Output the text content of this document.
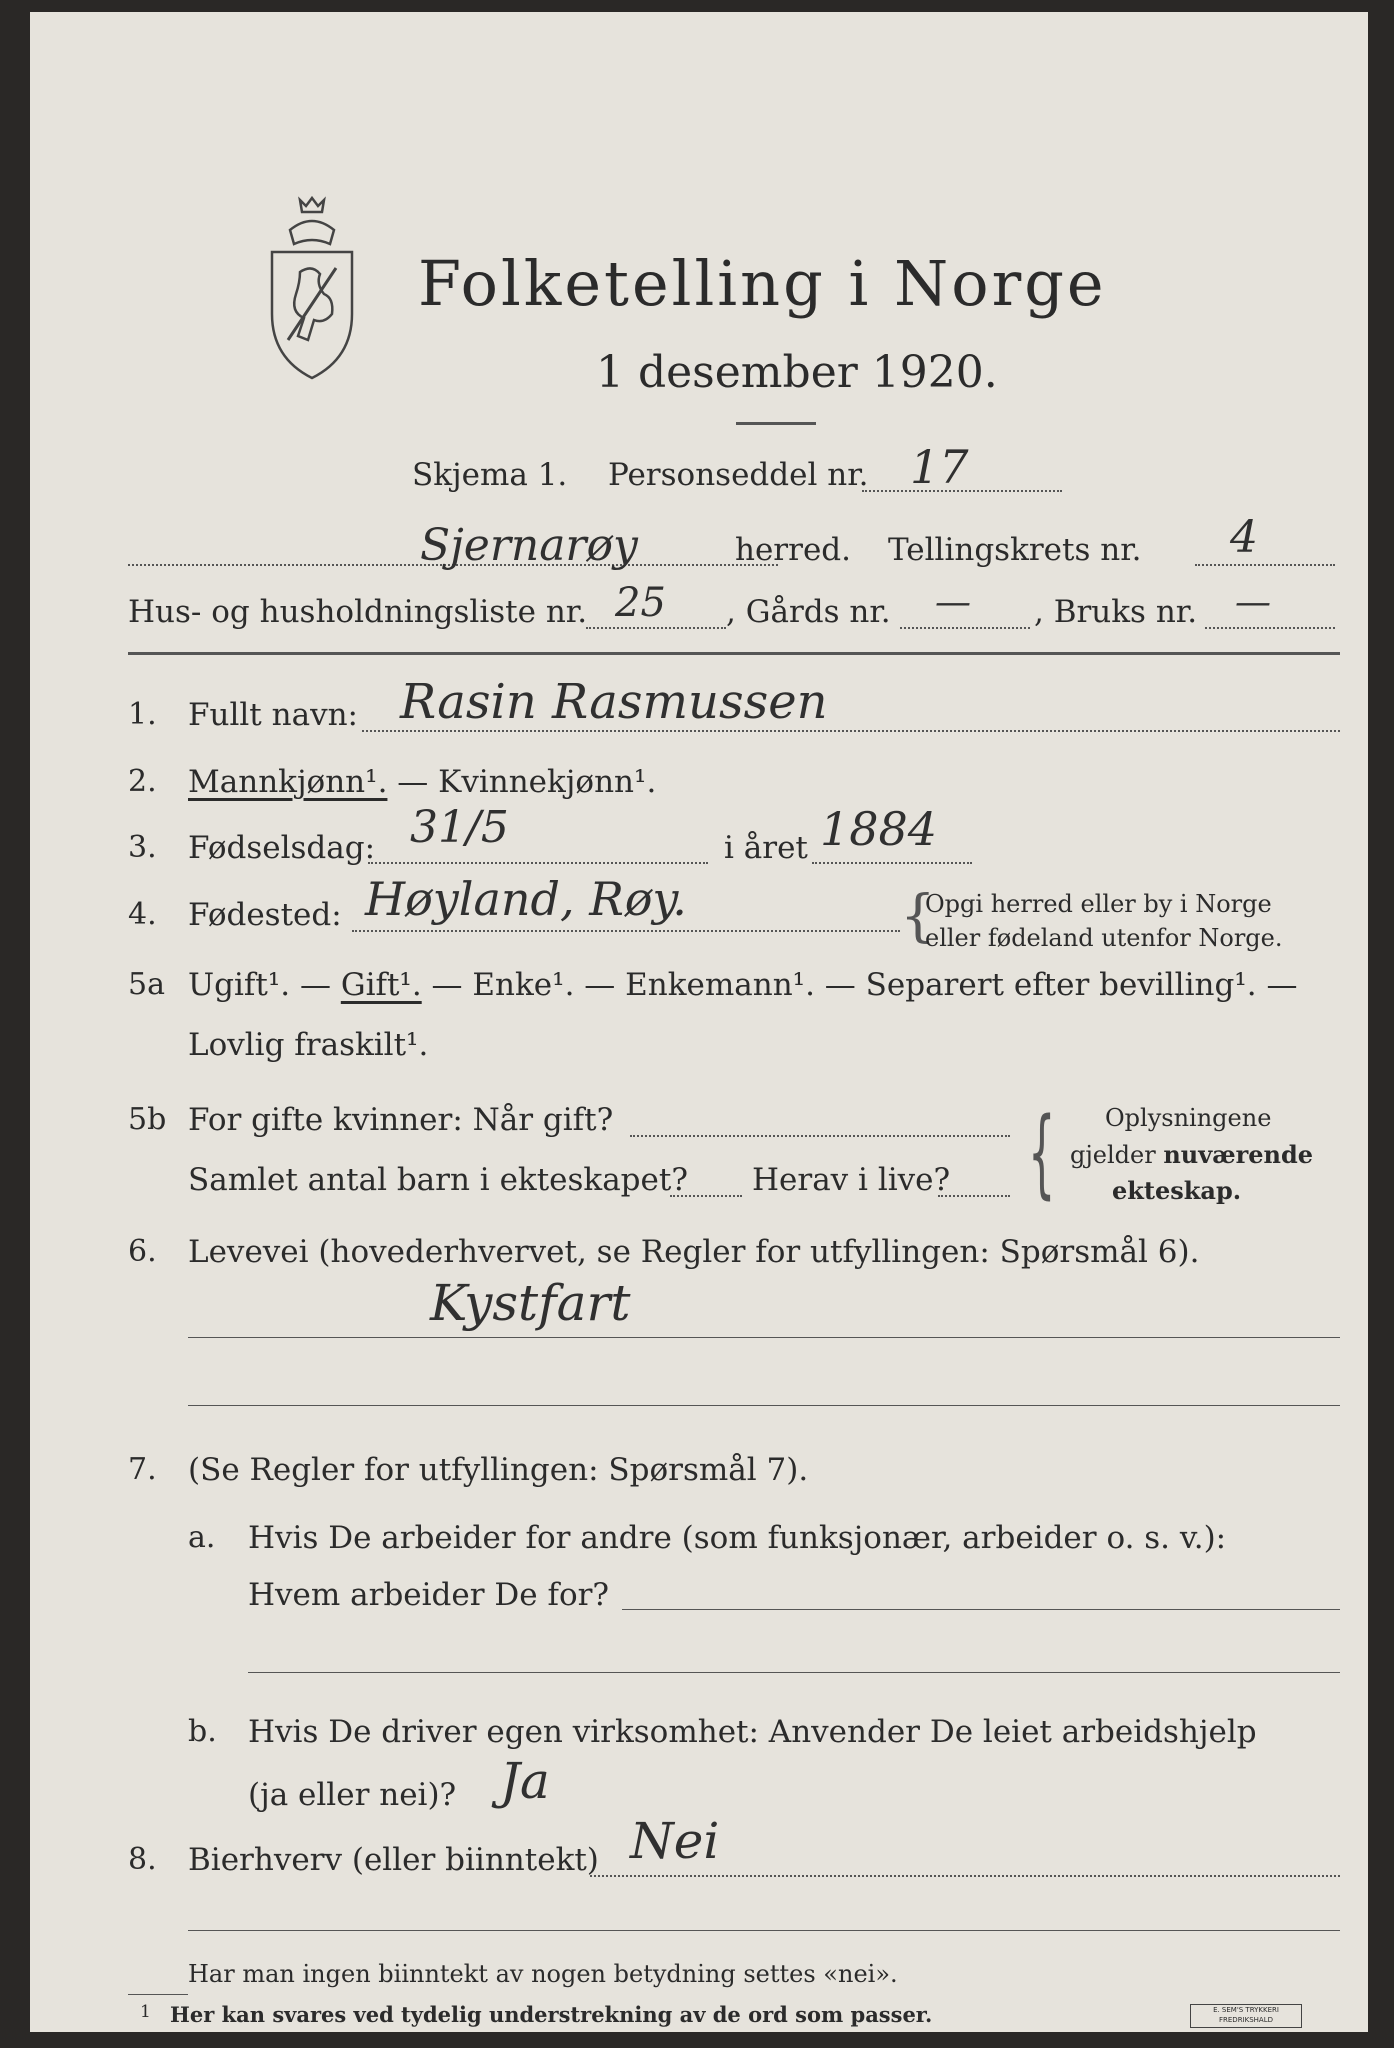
Folketelling i Norge
1 desember 1920.
Skjema 1. Personseddel nr. 17
Sjernarøy	herred. Tellingskrets nr. 4
Hus- og husholdningsliste nr. 25 , Gårds nr. — , Bruks nr. —
1. Fullt navn: Rasin Rasmussen
2. Mannkjønn¹. — Kvinnekjønn¹.
3. Fødselsdag: 31/5	i året 1884
4. Fødested: Høyland, Røy.	{
Opgi herred eller by i Norge
eller fødeland utenfor Norge.
5a Ugift¹. — Gift¹. — Enke¹. — Enkemann¹. — Separert efter bevilling¹. —
Lovlig fraskilt¹.
5b For gifte kvinner: Når gift?
Samlet antal barn i ekteskapet? Herav i live? { Oplysningene
gjelder nuværende
ekteskap.
6. Levevei (hovederhvervet, se Regler for utfyllingen: Spørsmål 6).
Kystfart
7. (Se Regler for utfyllingen: Spørsmål 7).
a. Hvis De arbeider for andre (som funksjonær, arbeider o. s. v.):
Hvem arbeider De for?
b. Hvis De driver egen virksomhet: Anvender De leiet arbeidshjelp
(ja eller nei)? Ja
8. Bierhverv (eller biinntekt) Nei
Har man ingen biinntekt av nogen betydning settes «nei».
1 Her kan svares ved tydelig understrekning av de ord som passer.	E. SEM'S TRYKKERI
FREDRIKSHALD
